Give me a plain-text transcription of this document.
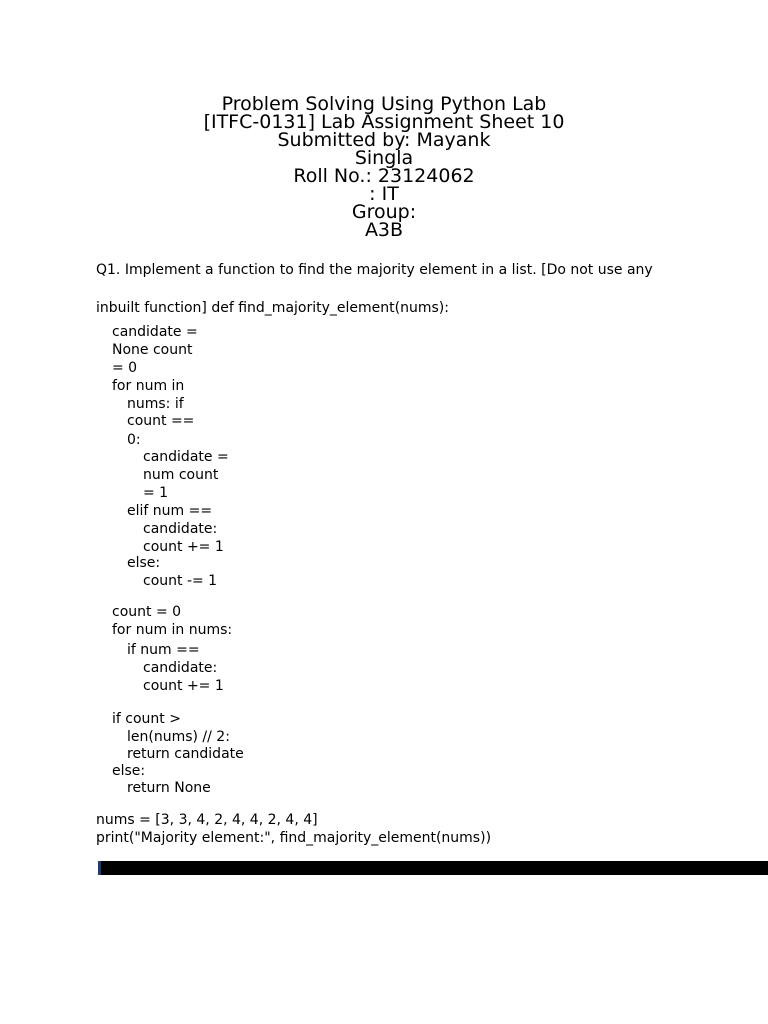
Problem Solving Using Python Lab
[ITFC-0131] Lab Assignment Sheet 10
Submitted by: Mayank
Singla
Roll No.: 23124062
: IT
Group:
A3B
Q1. Implement a function to find the majority element in a list. [Do not use any
inbuilt function] def find_majority_element(nums):
candidate =
None count
= 0
for num in
nums: if
count ==
0:
candidate =
num count
= 1
elif num ==
candidate:
count += 1
else:
count -= 1
count = 0
for num in nums:
if num ==
candidate:
count += 1
if count >
len(nums) // 2:
return candidate
else:
return None
nums = [3, 3, 4, 2, 4, 4, 2, 4, 4]
print("Majority element:", find_majority_element(nums))
